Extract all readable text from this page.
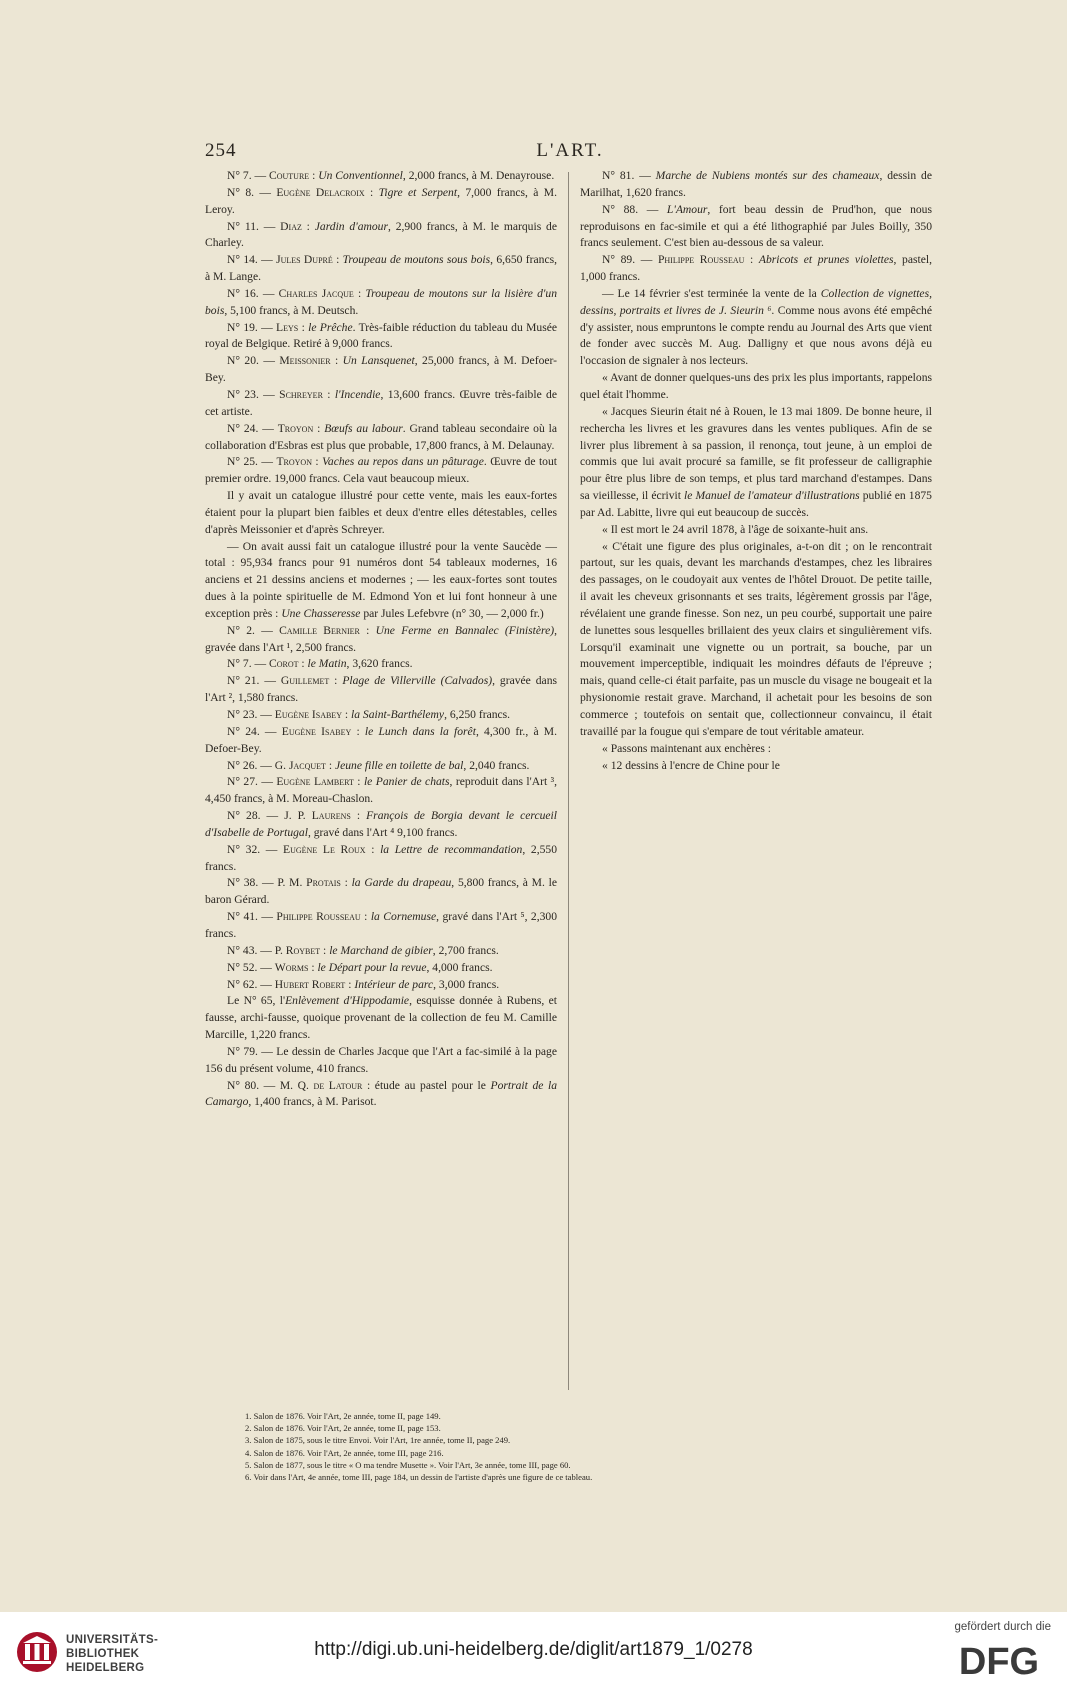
254	L'ART.

N° 7. — Couture : Un Conventionnel, 2,000 francs, à M. Denayrouse.

N° 8. — Eugène Delacroix : Tigre et Serpent, 7,000 francs, à M. Leroy.

N° 11. — Diaz : Jardin d'amour, 2,900 francs, à M. le marquis de Charley.

N° 14. — Jules Dupré : Troupeau de moutons sous bois, 6,650 francs, à M. Lange.

N° 16. — Charles Jacque : Troupeau de moutons sur la lisière d'un bois, 5,100 francs, à M. Deutsch.

N° 19. — Leys : le Prêche. Très-faible réduction du tableau du Musée royal de Belgique. Retiré à 9,000 francs.

N° 20. — Meissonier : Un Lansquenet, 25,000 francs, à M. Defoer-Bey.

N° 23. — Schreyer : l'Incendie, 13,600 francs. Œuvre très-faible de cet artiste.

N° 24. — Troyon : Bœufs au labour. Grand tableau secondaire où la collaboration d'Esbras est plus que probable, 17,800 francs, à M. Delaunay.

N° 25. — Troyon : Vaches au repos dans un pâturage. Œuvre de tout premier ordre. 19,000 francs. Cela vaut beaucoup mieux.

Il y avait un catalogue illustré pour cette vente, mais les eaux-fortes étaient pour la plupart bien faibles et deux d'entre elles détestables, celles d'après Meissonier et d'après Schreyer.

— On avait aussi fait un catalogue illustré pour la vente Saucède — total : 95,934 francs pour 91 numéros dont 54 tableaux modernes, 16 anciens et 21 dessins anciens et modernes ; — les eaux-fortes sont toutes dues à la pointe spirituelle de M. Edmond Yon et lui font honneur à une exception près : Une Chasseresse par Jules Lefebvre (n° 30, — 2,000 fr.)

N° 2. — Camille Bernier : Une Ferme en Bannalec (Finistère), gravée dans l'Art ¹, 2,500 francs.

N° 7. — Corot : le Matin, 3,620 francs.

N° 21. — Guillemet : Plage de Villerville (Calvados), gravée dans l'Art ², 1,580 francs.

N° 23. — Eugène Isabey : la Saint-Barthélemy, 6,250 francs.

N° 24. — Eugène Isabey : le Lunch dans la forêt, 4,300 fr., à M. Defoer-Bey.

N° 26. — G. Jacquet : Jeune fille en toilette de bal, 2,040 francs.

N° 27. — Eugène Lambert : le Panier de chats, reproduit dans l'Art ³, 4,450 francs, à M. Moreau-Chaslon.

N° 28. — J. P. Laurens : François de Borgia devant le cercueil d'Isabelle de Portugal, gravé dans l'Art ⁴ 9,100 francs.

N° 32. — Eugène Le Roux : la Lettre de recommandation, 2,550 francs.

N° 38. — P. M. Protais : la Garde du drapeau, 5,800 francs, à M. le baron Gérard.

N° 41. — Philippe Rousseau : la Cornemuse, gravé dans l'Art ⁵, 2,300 francs.

N° 43. — P. Roybet : le Marchand de gibier, 2,700 francs.

N° 52. — Worms : le Départ pour la revue, 4,000 francs.

N° 62. — Hubert Robert : Intérieur de parc, 3,000 francs.

Le N° 65, l'Enlèvement d'Hippodamie, esquisse donnée à Rubens, et fausse, archi-fausse, quoique provenant de la collection de feu M. Camille Marcille, 1,220 francs.

N° 79. — Le dessin de Charles Jacque que l'Art a fac-similé à la page 156 du présent volume, 410 francs.

N° 80. — M. Q. de Latour : étude au pastel pour le Portrait de la Camargo, 1,400 francs, à M. Parisot.

N° 81. — Marche de Nubiens montés sur des chameaux, dessin de Marilhat, 1,620 francs.

N° 88. — L'Amour, fort beau dessin de Prud'hon, que nous reproduisons en fac-simile et qui a été lithographié par Jules Boilly, 350 francs seulement. C'est bien au-dessous de sa valeur.

N° 89. — Philippe Rousseau : Abricots et prunes violettes, pastel, 1,000 francs.

— Le 14 février s'est terminée la vente de la Collection de vignettes, dessins, portraits et livres de J. Sieurin ⁶. Comme nous avons été empêché d'y assister, nous empruntons le compte rendu au Journal des Arts que vient de fonder avec succès M. Aug. Dalligny et que nous avons déjà eu l'occasion de signaler à nos lecteurs.

« Avant de donner quelques-uns des prix les plus importants, rappelons quel était l'homme.

« Jacques Sieurin était né à Rouen, le 13 mai 1809. De bonne heure, il rechercha les livres et les gravures dans les ventes publiques. Afin de se livrer plus librement à sa passion, il renonça, tout jeune, à un emploi de commis que lui avait procuré sa famille, se fit professeur de calligraphie pour être plus libre de son temps, et plus tard marchand d'estampes. Dans sa vieillesse, il écrivit le Manuel de l'amateur d'illustrations publié en 1875 par Ad. Labitte, livre qui eut beaucoup de succès.

« Il est mort le 24 avril 1878, à l'âge de soixante-huit ans.

« C'était une figure des plus originales, a-t-on dit ; on le rencontrait partout, sur les quais, devant les marchands d'estampes, chez les libraires des passages, on le coudoyait aux ventes de l'hôtel Drouot. De petite taille, il avait les cheveux grisonnants et ses traits, légèrement grossis par l'âge, révélaient une grande finesse. Son nez, un peu courbé, supportait une paire de lunettes sous lesquelles brillaient des yeux clairs et singulièrement vifs. Lorsqu'il examinait une vignette ou un portrait, sa bouche, par un mouvement imperceptible, indiquait les moindres défauts de l'épreuve ; mais, quand celle-ci était parfaite, pas un muscle du visage ne bougeait et la physionomie restait grave. Marchand, il achetait pour les besoins de son commerce ; toutefois on sentait que, collectionneur convaincu, il était travaillé par la fougue qui s'empare de tout véritable amateur.

« Passons maintenant aux enchères :

« 12 dessins à l'encre de Chine pour le

1. Salon de 1876. Voir l'Art, 2e année, tome II, page 149.
2. Salon de 1876. Voir l'Art, 2e année, tome II, page 153.
3. Salon de 1875, sous le titre Envoi. Voir l'Art, 1re année, tome II, page 249.
4. Salon de 1876. Voir l'Art, 2e année, tome III, page 216.
5. Salon de 1877, sous le titre « O ma tendre Musette ». Voir l'Art, 3e année, tome III, page 60.
6. Voir dans l'Art, 4e année, tome III, page 184, un dessin de l'artiste d'après une figure de ce tableau.
UNIVERSITÄTS-
BIBLIOTHEK
HEIDELBERG
http://digi.ub.uni-heidelberg.de/diglit/art1879_1/0278
gefördert durch die
DFG
